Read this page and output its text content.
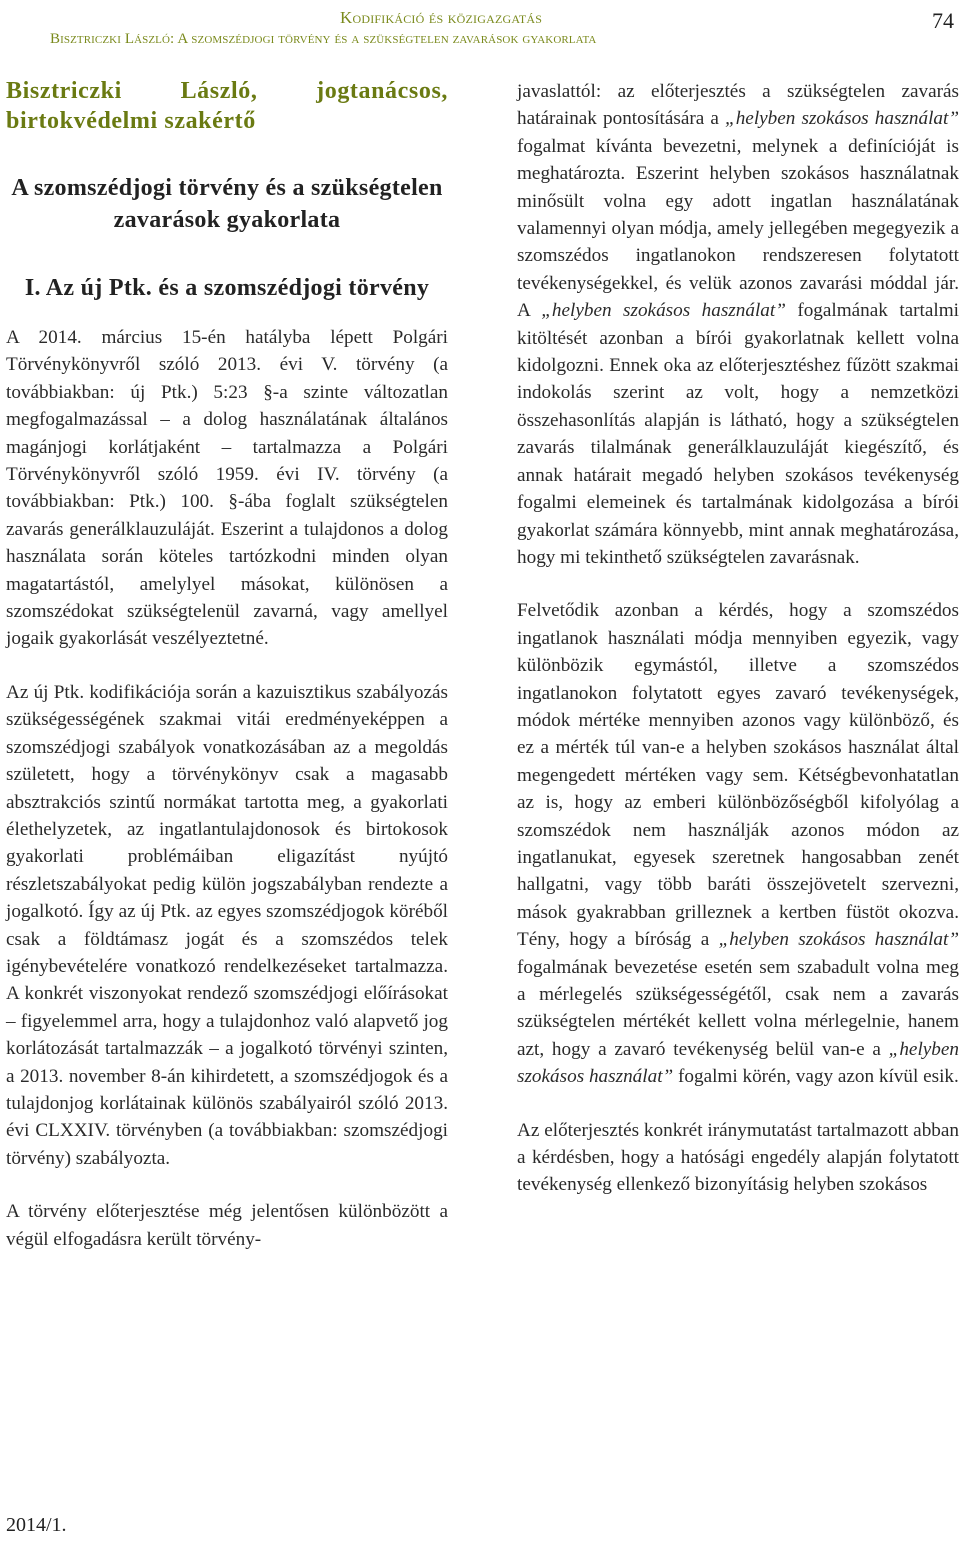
Kodifikáció és közigazgatás
Bisztriczki László: A szomszédjogi törvény és a szükségtelen zavarások gyakorlata
74

Bisztriczki László, jogtanácsos, birtokvédelmi szakértő

A szomszédjogi törvény és a szükségtelen zavarások gyakorlata

I. Az új Ptk. és a szomszédjogi törvény

A 2014. március 15-én hatályba lépett Polgári Törvénykönyvről szóló 2013. évi V. törvény (a továbbiakban: új Ptk.) 5:23 §-a szinte változatlan megfogalmazással – a dolog használatának általános magánjogi korlátjaként – tartalmazza a Polgári Törvénykönyvről szóló 1959. évi IV. törvény (a továbbiakban: Ptk.) 100. §-ába foglalt szükségtelen zavarás generálklauzuláját. Eszerint a tulajdonos a dolog használata során köteles tartózkodni minden olyan magatartástól, amelylyel másokat, különösen a szomszédokat szükségtelenül zavarná, vagy amellyel jogaik gyakorlását veszélyeztetné.

Az új Ptk. kodifikációja során a kazuisztikus szabályozás szükségességének szakmai vitái eredményeképpen a szomszédjogi szabályok vonatkozásában az a megoldás született, hogy a törvénykönyv csak a magasabb absztrakciós szintű normákat tartotta meg, a gyakorlati élethelyzetek, az ingatlantulajdonosok és birtokosok gyakorlati problémáiban eligazítást nyújtó részletszabályokat pedig külön jogszabályban rendezte a jogalkotó. Így az új Ptk. az egyes szomszédjogok köréből csak a földtámasz jogát és a szomszédos telek igénybevételére vonatkozó rendelkezéseket tartalmazza. A konkrét viszonyokat rendező szomszédjogi előírásokat – figyelemmel arra, hogy a tulajdonhoz való alapvető jog korlátozását tartalmazzák – a jogalkotó törvényi szinten, a 2013. november 8-án kihirdetett, a szomszédjogok és a tulajdonjog korlátainak különös szabályairól szóló 2013. évi CLXXIV. törvényben (a továbbiakban: szomszédjogi törvény) szabályozta.

A törvény előterjesztése még jelentősen különbözött a végül elfogadásra került törvény-

javaslattól: az előterjesztés a szükségtelen zavarás határainak pontosítására a „helyben szokásos használat” fogalmat kívánta bevezetni, melynek a definícióját is meghatározta. Eszerint helyben szokásos használatnak minősült volna egy adott ingatlan használatának valamennyi olyan módja, amely jellegében megegyezik a szomszédos ingatlanokon rendszeresen folytatott tevékenységekkel, és velük azonos zavarási móddal jár. A „helyben szokásos használat” fogalmának tartalmi kitöltését azonban a bírói gyakorlatnak kellett volna kidolgozni. Ennek oka az előterjesztéshez fűzött szakmai indokolás szerint az volt, hogy a nemzetközi összehasonlítás alapján is látható, hogy a szükségtelen zavarás tilalmának generálklauzuláját kiegészítő, és annak határait megadó helyben szokásos tevékenység fogalmi elemeinek és tartalmának kidolgozása a bírói gyakorlat számára könnyebb, mint annak meghatározása, hogy mi tekinthető szükségtelen zavarásnak.

Felvetődik azonban a kérdés, hogy a szomszédos ingatlanok használati módja mennyiben egyezik, vagy különbözik egymástól, illetve a szomszédos ingatlanokon folytatott egyes zavaró tevékenységek, módok mértéke mennyiben azonos vagy különböző, és ez a mérték túl van-e a helyben szokásos használat által megengedett mértéken vagy sem. Kétségbevonhatatlan az is, hogy az emberi különbözőségből kifolyólag a szomszédok nem használják azonos módon az ingatlanukat, egyesek szeretnek hangosabban zenét hallgatni, vagy több baráti összejövetelt szervezni, mások gyakrabban grilleznek a kertben füstöt okozva. Tény, hogy a bíróság a „helyben szokásos használat” fogalmának bevezetése esetén sem szabadult volna meg a mérlegelés szükségességétől, csak nem a zavarás szükségtelen mértékét kellett volna mérlegelnie, hanem azt, hogy a zavaró tevékenység belül van-e a „helyben szokásos használat” fogalmi körén, vagy azon kívül esik.

Az előterjesztés konkrét iránymutatást tartalmazott abban a kérdésben, hogy a hatósági engedély alapján folytatott tevékenység ellenkező bizonyításig helyben szokásos

2014/1.
